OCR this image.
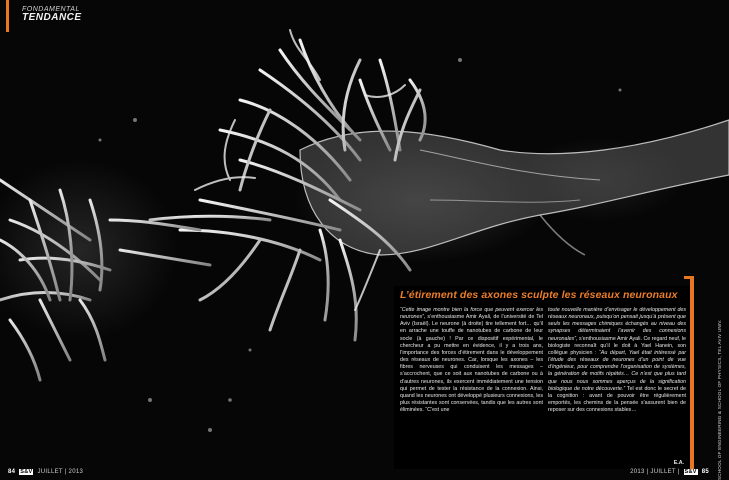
FONDAMENTAL
TENDANCE
L’étirement des axones sculpte les réseaux neuronaux
“Cette image montre bien la force que peuvent exercer les neurones”, s’enthousiasme Amir Ayali, de l’université de Tel Aviv (Israël). Le neurone (à droite) tire tellement fort… qu’il en arrache une touffe de nanotubes de carbone de leur socle (à gauche) ! Par ce dispositif expérimental, le chercheur a pu mettre en évidence, il y a trois ans, l’importance des forces d’étirement dans le développement des réseaux de neurones. Car, lorsque les axones – les fibres nerveuses qui conduisent les messages – s’accrochent, que ce soit aux nanotubes de carbone ou à d’autres neurones, ils exercent immédiatement une tension qui permet de tester la résistance de la connexion. Ainsi, quand les neurones ont développé plusieurs connexions, les plus résistantes sont conservées, tandis que les autres sont éliminées. “C’est une
toute nouvelle manière d’envisager le développement des réseaux neuronaux, puisqu’on pensait jusqu’à présent que seuls les messages chimiques échangés au niveau des synapses déterminaient l’avenir des connexions neuronales”, s’enthousiasme Amir Ayali. Ce regard neuf, le biologiste reconnaît qu’il le doit à Yael Hanein, son collègue physicien : “Au départ, Yael était intéressé par l’étude des réseaux de neurones d’un point de vue d’ingénieur, pour comprendre l’organisation de systèmes, la génération de motifs répétés… Ce n’est que plus tard que nous nous sommes aperçus de la signification biologique de notre découverte.” Tel est donc le secret de la cognition : avant de pouvoir être régulièrement emportés, les chemins de la pensée s’assurent bien de reposer sur des connexions stables…
E.A.	SCHOOL OF ENGINEERING & SCHOOL OF PHYSICS, TEL AVIV UNIV.
84 S&V JUILLET | 2013	2013 | JUILLET | S&V 85
